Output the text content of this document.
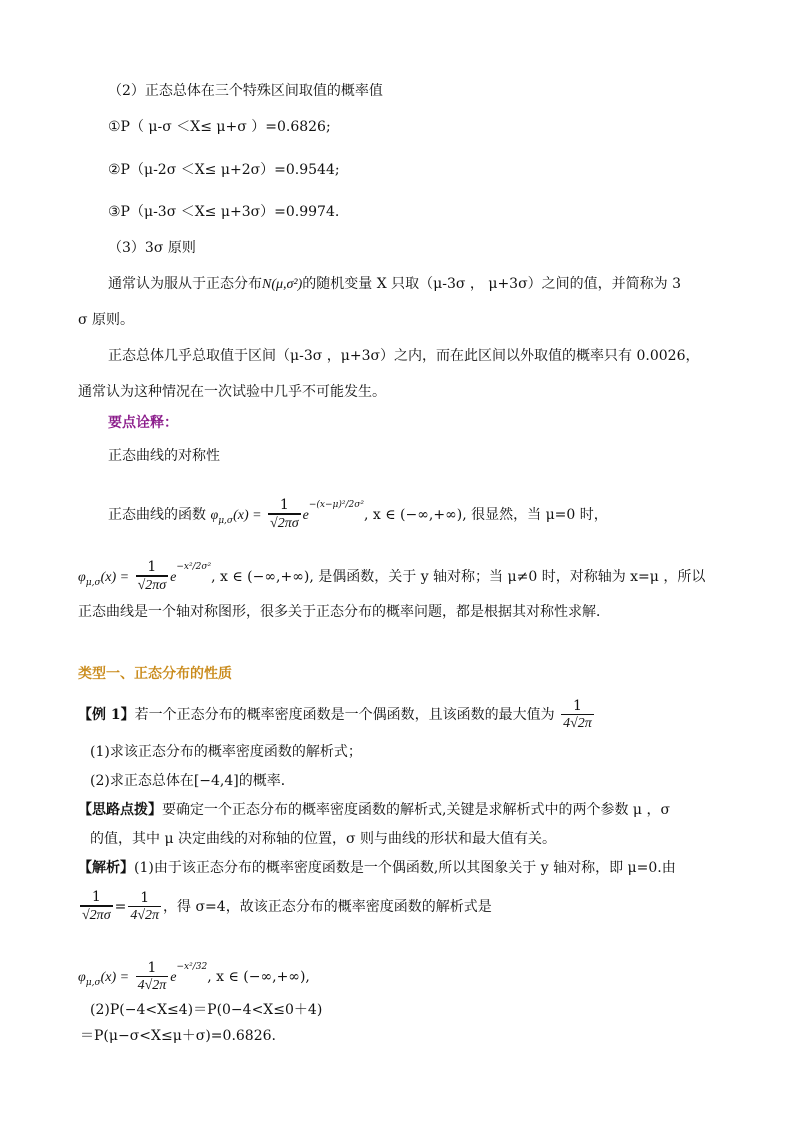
（2）正态总体在三个特殊区间取值的概率值
①P（ μ-σ ＜X≤ μ+σ ）=0.6826;
②P（μ-2σ ＜X≤ μ+2σ）=0.9544;
③P（μ-3σ ＜X≤ μ+3σ）=0.9974.
（3）3σ 原则
通常认为服从于正态分布N(μ,σ²)的随机变量 X 只取（μ-3σ ， μ+3σ）之间的值，并简称为 3
σ 原则。
正态总体几乎总取值于区间（μ-3σ ，μ+3σ）之内，而在此区间以外取值的概率只有 0.0026，
通常认为这种情况在一次试验中几乎不可能发生。
要点诠释：
正态曲线的对称性
正态曲线的函数 $\varphi_{\mu,\sigma}(x) = \frac{1}{√2\pi\sigma} e^{-(x-\mu)^2/2\sigma^2}$, x ∈ (−∞,+∞), 很显然，当 μ=0 时，
$\varphi_{\mu,\sigma}(x) = \frac{1}{√2\pi\sigma} e^{-x^2/2\sigma^2}$, x ∈ (−∞,+∞), 是偶函数，关于 y 轴对称；当 μ≠0 时，对称轴为 x=μ ，所以
正态曲线是一个轴对称图形，很多关于正态分布的概率问题，都是根据其对称性求解．
类型一、正态分布的性质
【例 1】若一个正态分布的概率密度函数是一个偶函数，且该函数的最大值为 $\frac{1}{4√2\pi}$
(1)求该正态分布的概率密度函数的解析式；
(2)求正态总体在[−4,4]的概率．
【思路点拨】要确定一个正态分布的概率密度函数的解析式,关键是求解析式中的两个参数 μ ，σ
的值，其中 μ 决定曲线的对称轴的位置，σ 则与曲线的形状和最大值有关。
【解析】(1)由于该正态分布的概率密度函数是一个偶函数,所以其图象关于 y 轴对称，即 μ=0.由
$\frac{1}{√2\pi\sigma} = \frac{1}{4√2\pi}$ ，得 σ=4，故该正态分布的概率密度函数的解析式是
$\varphi_{\mu,\sigma}(x) = \frac{1}{4√2\pi} e^{-x^2/32}$, x ∈ (−∞,+∞),
(2)P(−4<X≤4)＝P(0−4<X≤0＋4)
＝P(μ−σ<X≤μ＋σ)=0.6826.
